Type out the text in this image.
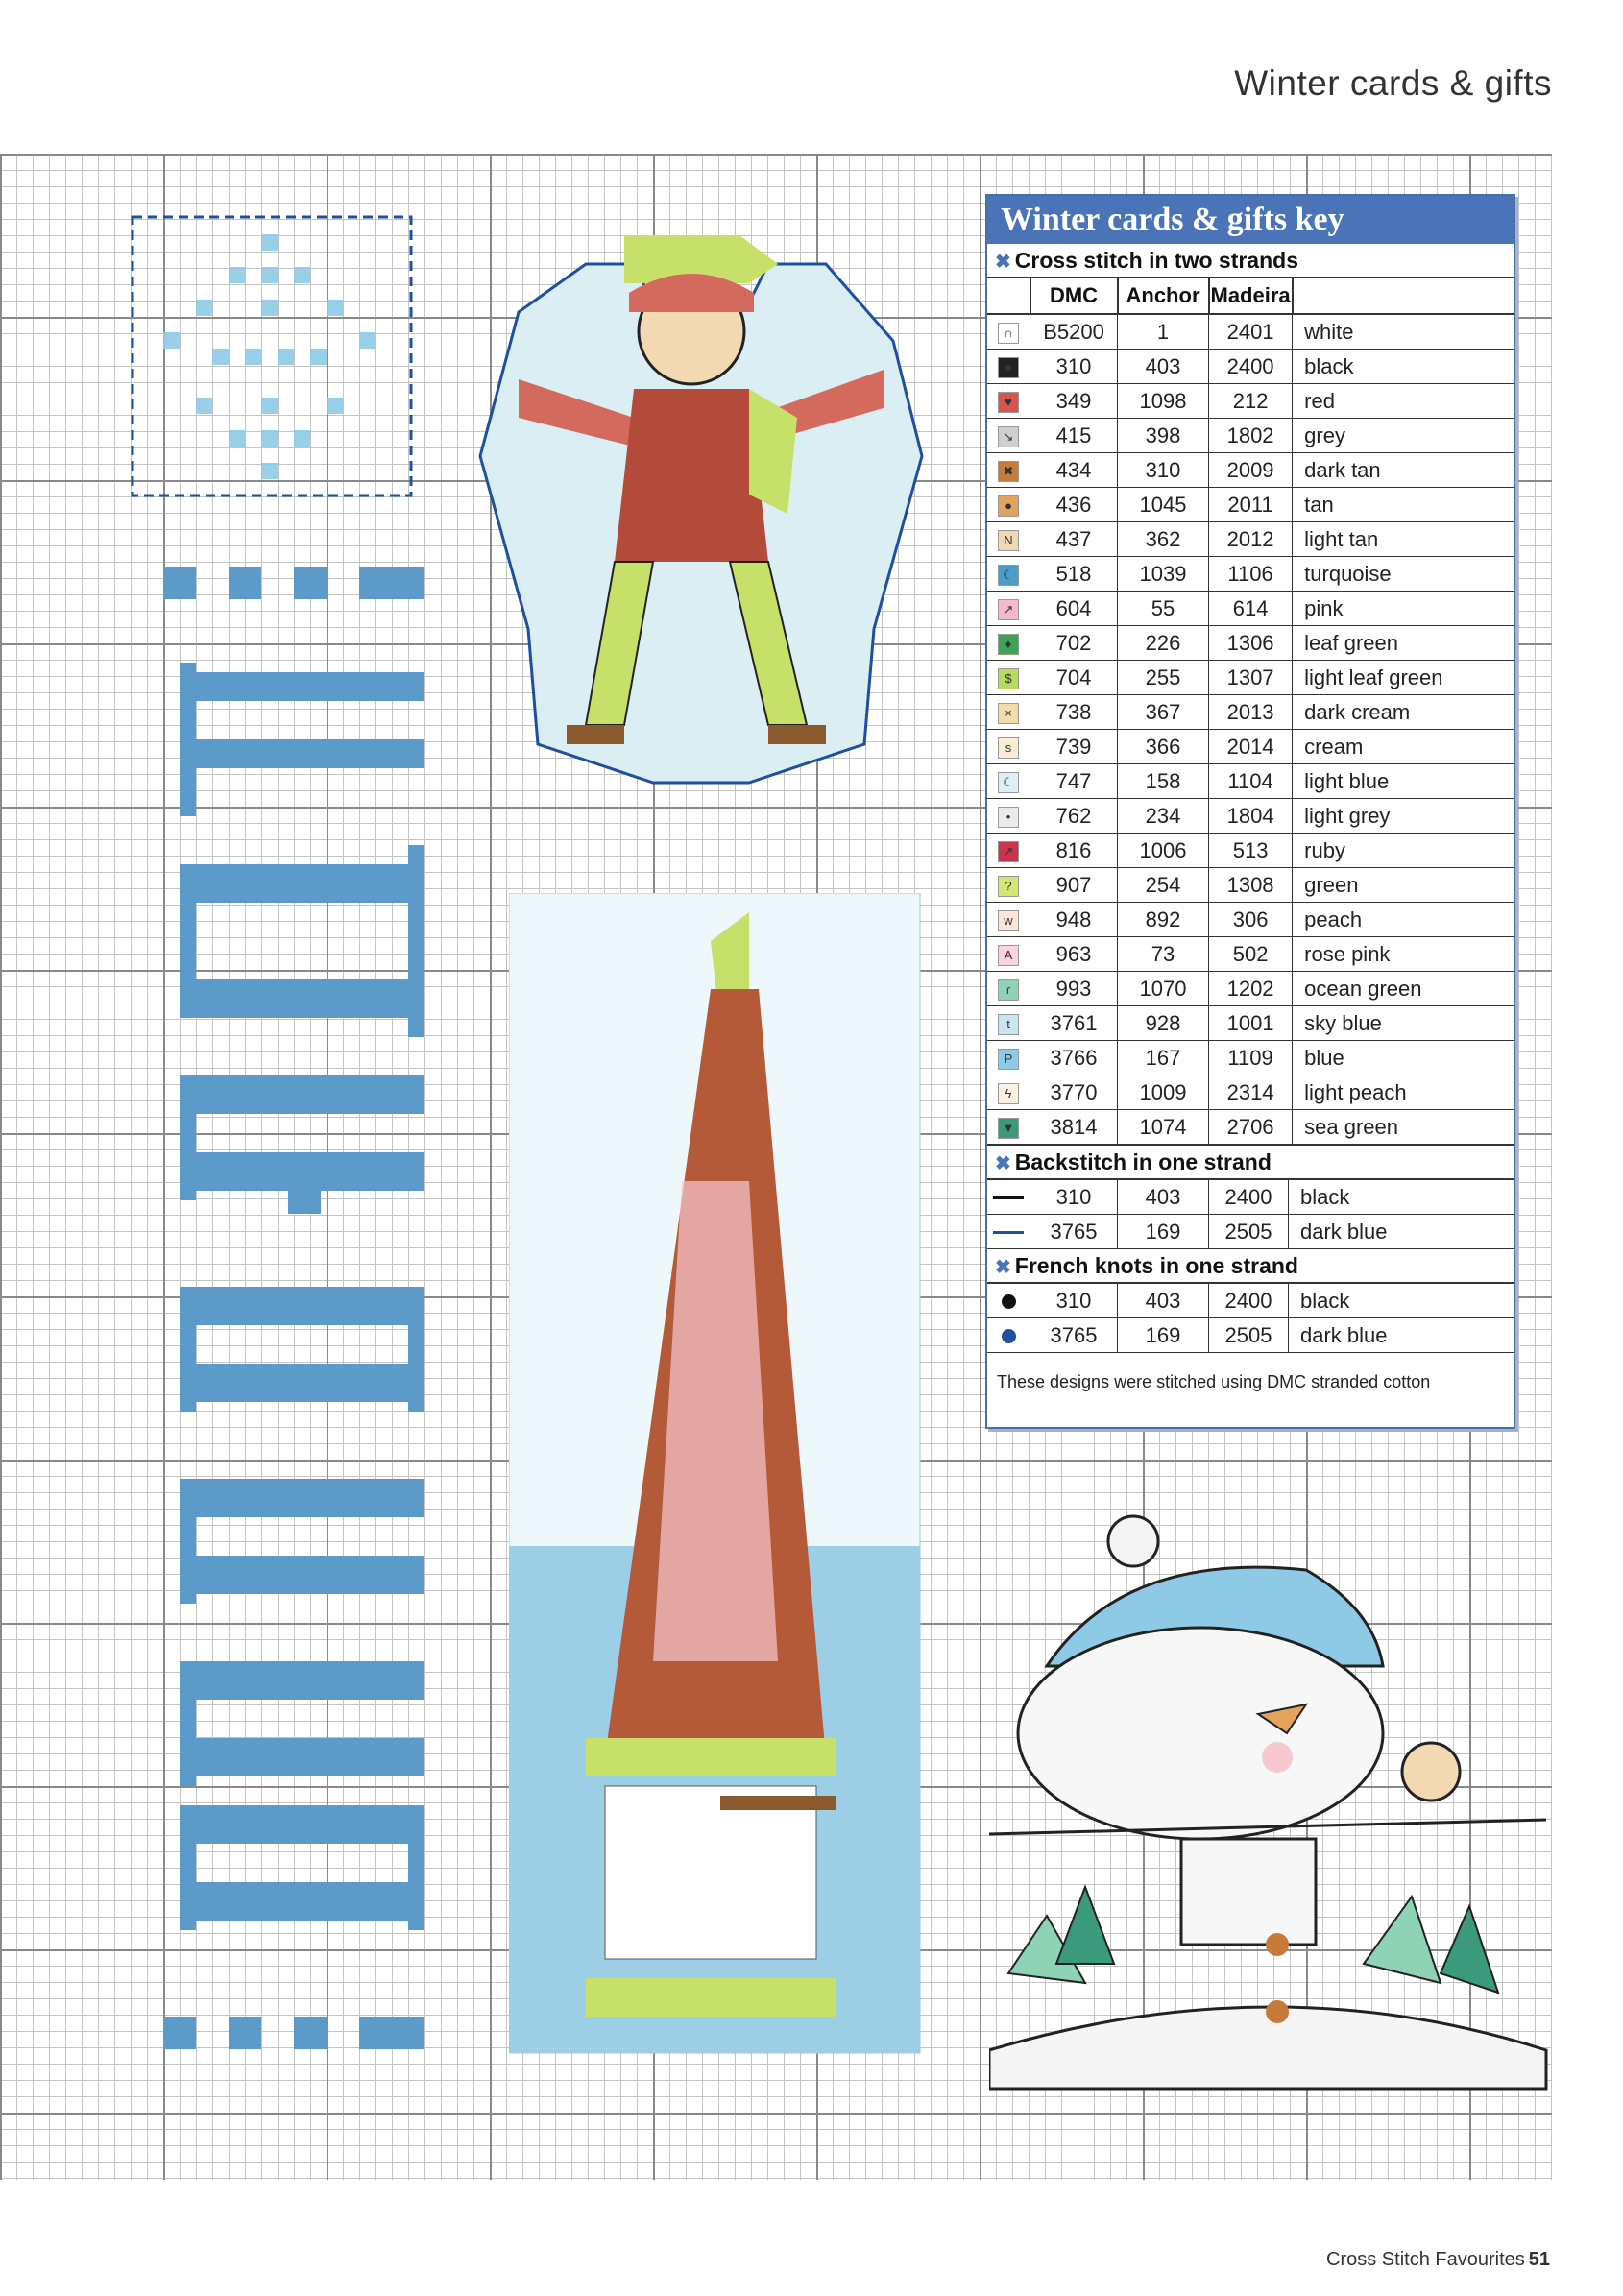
Winter cards & gifts
Winter cards & gifts key
✖ Cross stitch in two strands
	DMC	Anchor	Madeira	
∩	B5200	1	2401	white
■	310	403	2400	black
♥	349	1098	212	red
↘	415	398	1802	grey
✖	434	310	2009	dark tan
●	436	1045	2011	tan
N	437	362	2012	light tan
☾	518	1039	1106	turquoise
↗	604	55	614	pink
♦	702	226	1306	leaf green
$	704	255	1307	light leaf green
×	738	367	2013	dark cream
s	739	366	2014	cream
☾	747	158	1104	light blue
•	762	234	1804	light grey
↗	816	1006	513	ruby
?	907	254	1308	green
w	948	892	306	peach
A	963	73	502	rose pink
ɾ	993	1070	1202	ocean green
t	3761	928	1001	sky blue
P	3766	167	1109	blue
ϟ	3770	1009	2314	light peach
▼	3814	1074	2706	sea green
✖ Backstitch in one strand
	310	403	2400	black
	3765	169	2505	dark blue
✖ French knots in one strand
	310	403	2400	black
	3765	169	2505	dark blue
These designs were stitched using DMC stranded cotton
Cross Stitch Favourites 51
